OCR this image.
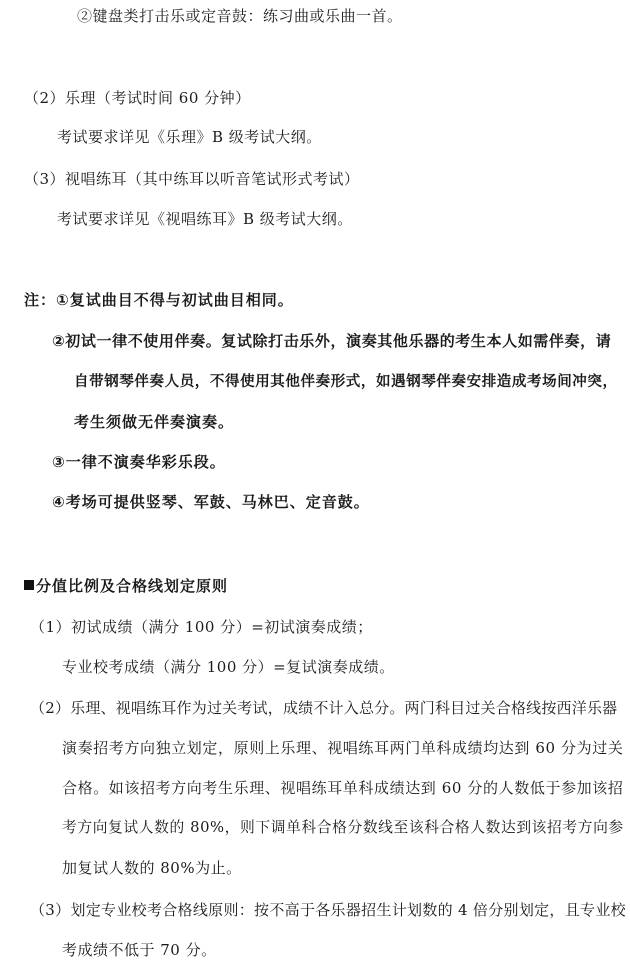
②键盘类打击乐或定音鼓：练习曲或乐曲一首。
（2）乐理（考试时间 60 分钟）
考试要求详见《乐理》B 级考试大纲。
（3）视唱练耳（其中练耳以听音笔试形式考试）
考试要求详见《视唱练耳》B 级考试大纲。
注：①复试曲目不得与初试曲目相同。
②初试一律不使用伴奏。复试除打击乐外，演奏其他乐器的考生本人如需伴奏，请
自带钢琴伴奏人员，不得使用其他伴奏形式，如遇钢琴伴奏安排造成考场间冲突，
考生须做无伴奏演奏。
③一律不演奏华彩乐段。
④考场可提供竖琴、军鼓、马林巴、定音鼓。
分值比例及合格线划定原则
（1）初试成绩（满分 100 分）=初试演奏成绩；
专业校考成绩（满分 100 分）=复试演奏成绩。
（2）乐理、视唱练耳作为过关考试，成绩不计入总分。两门科目过关合格线按西洋乐器
演奏招考方向独立划定，原则上乐理、视唱练耳两门单科成绩均达到 60 分为过关
合格。如该招考方向考生乐理、视唱练耳单科成绩达到 60 分的人数低于参加该招
考方向复试人数的 80%，则下调单科合格分数线至该科合格人数达到该招考方向参
加复试人数的 80%为止。
（3）划定专业校考合格线原则：按不高于各乐器招生计划数的 4 倍分别划定，且专业校
考成绩不低于 70 分。
